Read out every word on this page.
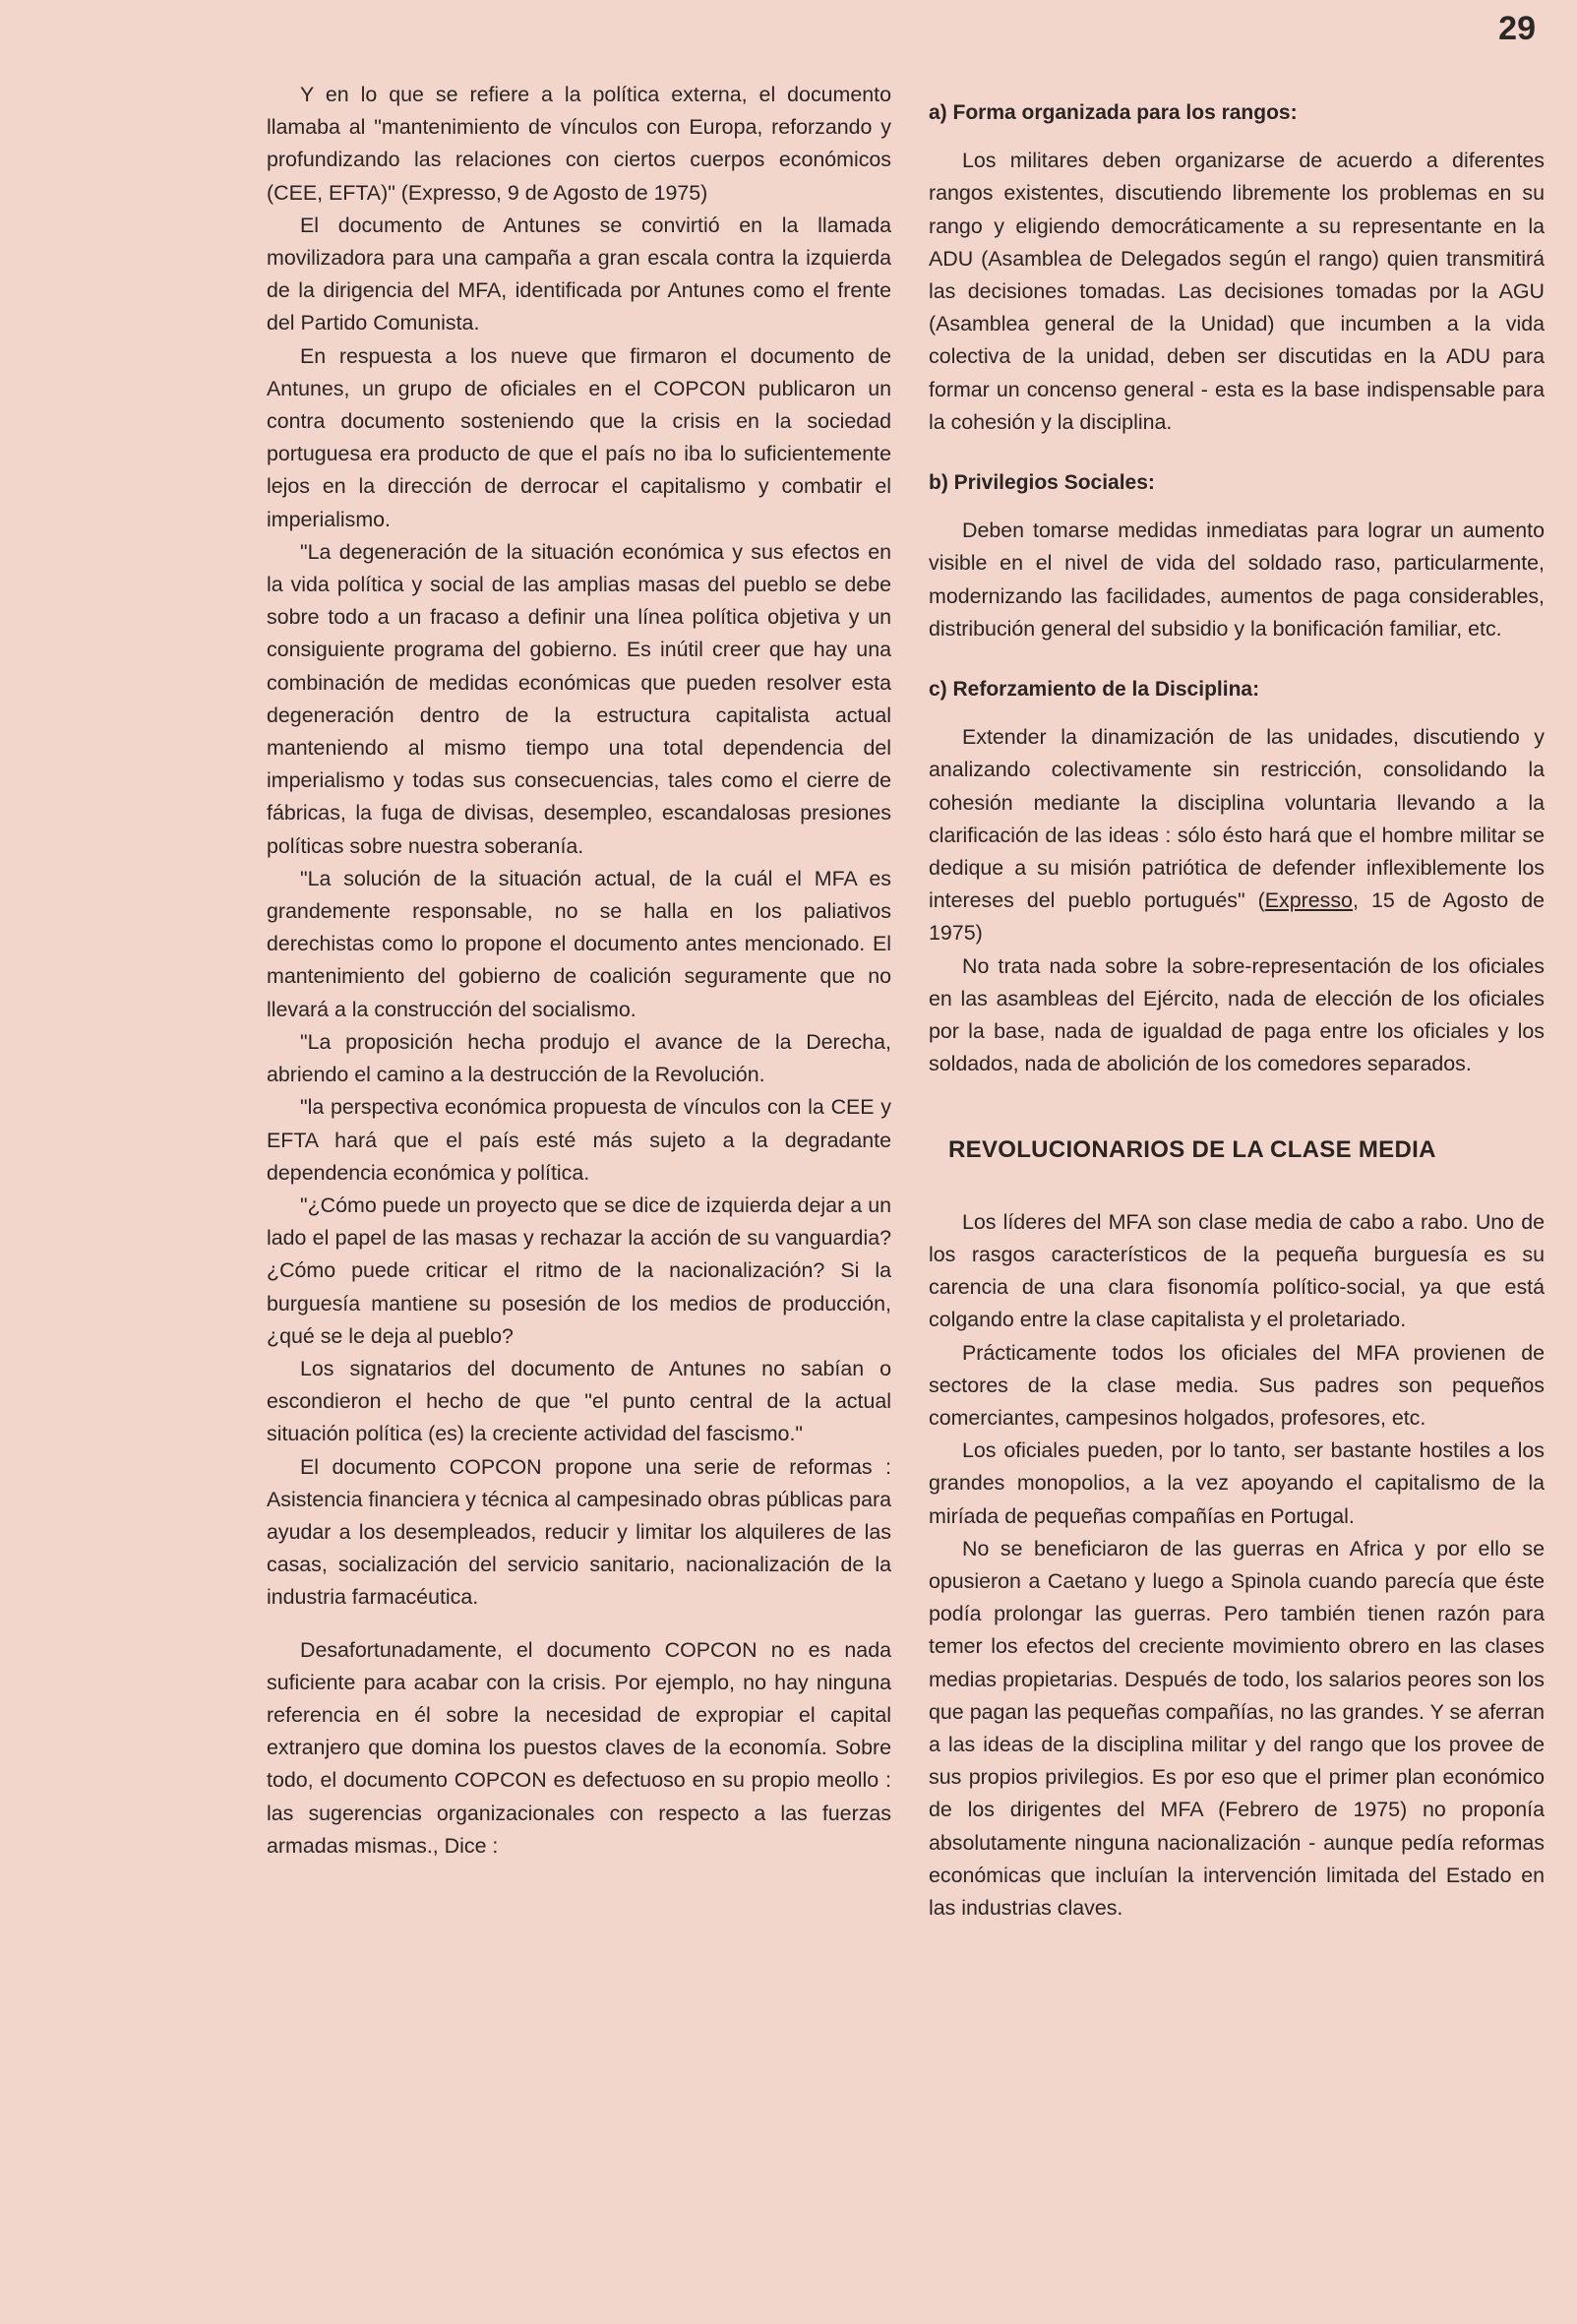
29

Y en lo que se refiere a la política externa, el documento llamaba al "mantenimiento de vínculos con Europa, reforzando y profundizando las relaciones con ciertos cuerpos económicos (CEE, EFTA)" (Expresso, 9 de Agosto de 1975)

El documento de Antunes se convirtió en la llamada movilizadora para una campaña a gran escala contra la izquierda de la dirigencia del MFA, identificada por Antunes como el frente del Partido Comunista.

En respuesta a los nueve que firmaron el documento de Antunes, un grupo de oficiales en el COPCON publicaron un contra documento sosteniendo que la crisis en la sociedad portuguesa era producto de que el país no iba lo suficientemente lejos en la dirección de derrocar el capitalismo y combatir el imperialismo.

"La degeneración de la situación económica y sus efectos en la vida política y social de las amplias masas del pueblo se debe sobre todo a un fracaso a definir una línea política objetiva y un consiguiente programa del gobierno. Es inútil creer que hay una combinación de medidas económicas que pueden resolver esta degeneración dentro de la estructura capitalista actual manteniendo al mismo tiempo una total dependencia del imperialismo y todas sus consecuencias, tales como el cierre de fábricas, la fuga de divisas, desempleo, escandalosas presiones políticas sobre nuestra soberanía.

"La solución de la situación actual, de la cuál el MFA es grandemente responsable, no se halla en los paliativos derechistas como lo propone el documento antes mencionado. El mantenimiento del gobierno de coalición seguramente que no llevará a la construcción del socialismo.

"La proposición hecha produjo el avance de la Derecha, abriendo el camino a la destrucción de la Revolución.

"la perspectiva económica propuesta de vínculos con la CEE y EFTA hará que el país esté más sujeto a la degradante dependencia económica y política.

"¿Cómo puede un proyecto que se dice de izquierda dejar a un lado el papel de las masas y rechazar la acción de su vanguardia? ¿Cómo puede criticar el ritmo de la nacionalización? Si la burguesía mantiene su posesión de los medios de producción, ¿qué se le deja al pueblo?

Los signatarios del documento de Antunes no sabían o escondieron el hecho de que "el punto central de la actual situación política (es) la creciente actividad del fascismo."

El documento COPCON propone una serie de reformas : Asistencia financiera y técnica al campesinado obras públicas para ayudar a los desempleados, reducir y limitar los alquileres de las casas, socialización del servicio sanitario, nacionalización de la industria farmacéutica.

Desafortunadamente, el documento COPCON no es nada suficiente para acabar con la crisis. Por ejemplo, no hay ninguna referencia en él sobre la necesidad de expropiar el capital extranjero que domina los puestos claves de la economía. Sobre todo, el documento COPCON es defectuoso en su propio meollo : las sugerencias organizacionales con respecto a las fuerzas armadas mismas., Dice :

a) Forma organizada para los rangos:

Los militares deben organizarse de acuerdo a diferentes rangos existentes, discutiendo libremente los problemas en su rango y eligiendo democráticamente a su representante en la ADU (Asamblea de Delegados según el rango) quien transmitirá las decisiones tomadas. Las decisiones tomadas por la AGU (Asamblea general de la Unidad) que incumben a la vida colectiva de la unidad, deben ser discutidas en la ADU para formar un concenso general - esta es la base indispensable para la cohesión y la disciplina.

b) Privilegios Sociales:

Deben tomarse medidas inmediatas para lograr un aumento visible en el nivel de vida del soldado raso, particularmente, modernizando las facilidades, aumentos de paga considerables, distribución general del subsidio y la bonificación familiar, etc.

c) Reforzamiento de la Disciplina:

Extender la dinamización de las unidades, discutiendo y analizando colectivamente sin restricción, consolidando la cohesión mediante la disciplina voluntaria llevando a la clarificación de las ideas : sólo ésto hará que el hombre militar se dedique a su misión patriótica de defender inflexiblemente los intereses del pueblo portugués" (Expresso, 15 de Agosto de 1975)

No trata nada sobre la sobre-representación de los oficiales en las asambleas del Ejército, nada de elección de los oficiales por la base, nada de igualdad de paga entre los oficiales y los soldados, nada de abolición de los comedores separados.

REVOLUCIONARIOS DE LA CLASE MEDIA

Los líderes del MFA son clase media de cabo a rabo. Uno de los rasgos característicos de la pequeña burguesía es su carencia de una clara fisonomía político-social, ya que está colgando entre la clase capitalista y el proletariado.

Prácticamente todos los oficiales del MFA provienen de sectores de la clase media. Sus padres son pequeños comerciantes, campesinos holgados, profesores, etc.

Los oficiales pueden, por lo tanto, ser bastante hostiles a los grandes monopolios, a la vez apoyando el capitalismo de la miríada de pequeñas compañías en Portugal.

No se beneficiaron de las guerras en Africa y por ello se opusieron a Caetano y luego a Spinola cuando parecía que éste podía prolongar las guerras. Pero también tienen razón para temer los efectos del creciente movimiento obrero en las clases medias propietarias. Después de todo, los salarios peores son los que pagan las pequeñas compañías, no las grandes. Y se aferran a las ideas de la disciplina militar y del rango que los provee de sus propios privilegios. Es por eso que el primer plan económico de los dirigentes del MFA (Febrero de 1975) no proponía absolutamente ninguna nacionalización - aunque pedía reformas económicas que incluían la intervención limitada del Estado en las industrias claves.
